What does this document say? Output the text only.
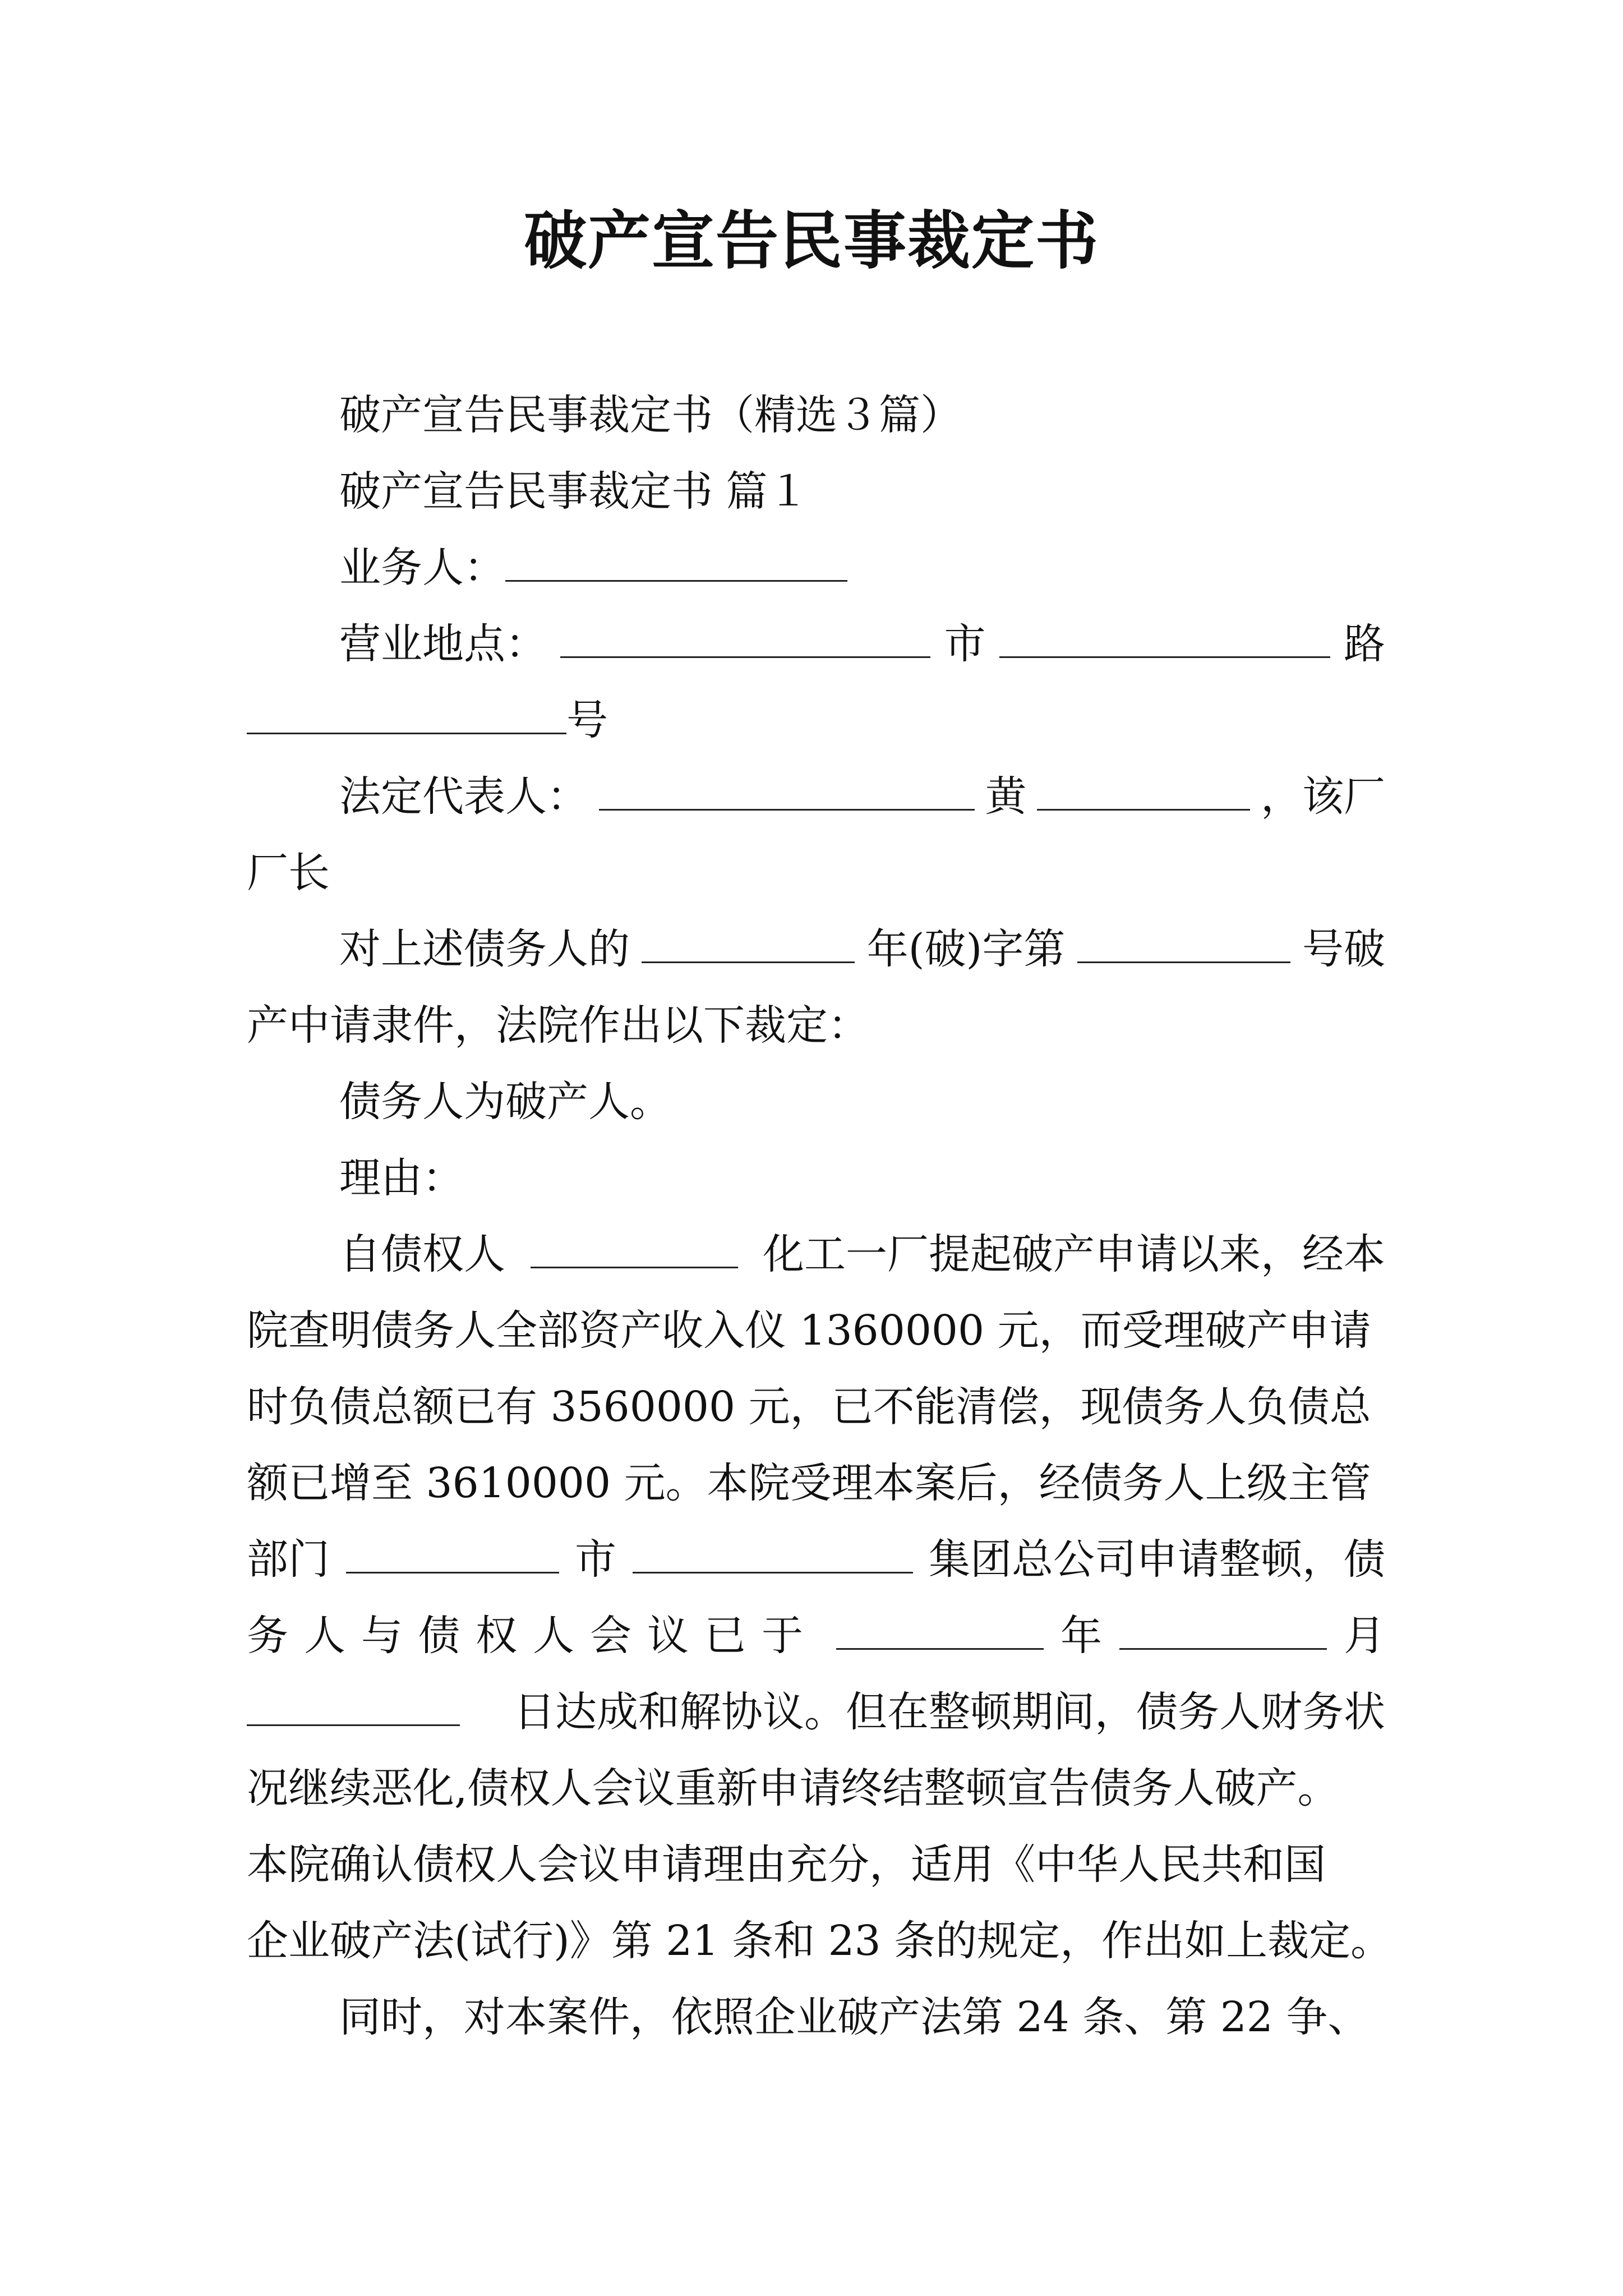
破产宣告民事裁定书
破产宣告民事裁定书（精选３篇）
破产宣告民事裁定书 篇１
业务人：
营业地点：	市	路
号
法定代表人：	黄	，该厂
厂长
对上述债务人的	年(破)字第	号破
产中请隶件，法院作出以下裁定：
债务人为破产人。
理由：
自债权人	化工一厂提起破产申请以来，经本
院查明债务人全部资产收入仪 1360000 元，而受理破产申请
时负债总额已有 3560000 元，已不能清偿，现债务人负债总
额已增至 3610000 元。本院受理本案后，经债务人上级主管
部门	市	集团总公司申请整顿，债
务人与债权人会议已于	年	月
日达成和解协议。但在整顿期间，债务人财务状
况继续恶化,债权人会议重新申请终结整顿宣告债务人破产。
本院确认债权人会议申请理由充分，适用《中华人民共和国
企业破产法(试行)》第 21 条和 23 条的规定，作出如上裁定。
同时，对本案件，依照企业破产法第 24 条、第 22 争、
